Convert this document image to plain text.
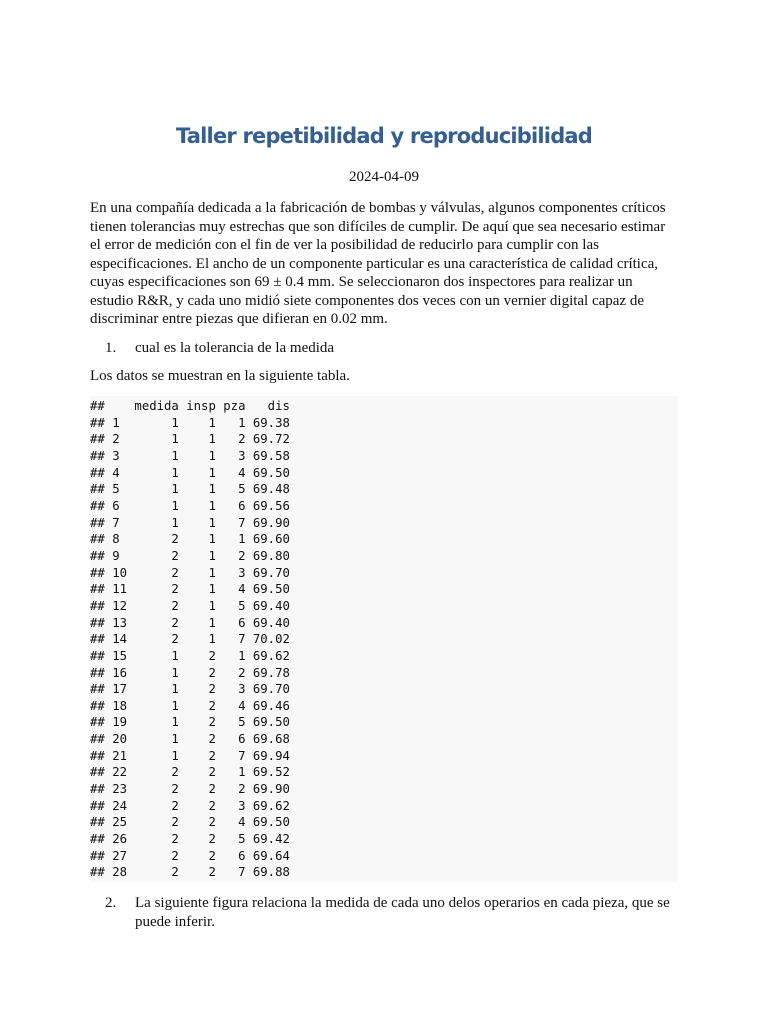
Taller repetibilidad y reproducibilidad
2024-04-09

En una compañía dedicada a la fabricación de bombas y válvulas, algunos componentes críticos tienen tolerancias muy estrechas que son difíciles de cumplir. De aquí que sea necesario estimar el error de medición con el fin de ver la posibilidad de reducirlo para cumplir con las especificaciones. El ancho de un componente particular es una característica de calidad crítica, cuyas especificaciones son 69 ± 0.4 mm. Se seleccionaron dos inspectores para realizar un estudio R&R, y cada uno midió siete componentes dos veces con un vernier digital capaz de discriminar entre piezas que difieran en 0.02 mm.

1. cual es la tolerancia de la medida
Los datos se muestran en la siguiente tabla.
##    medida insp pza   dis
## 1       1    1   1 69.38
## 2       1    1   2 69.72
## 3       1    1   3 69.58
## 4       1    1   4 69.50
## 5       1    1   5 69.48
## 6       1    1   6 69.56
## 7       1    1   7 69.90
## 8       2    1   1 69.60
## 9       2    1   2 69.80
## 10      2    1   3 69.70
## 11      2    1   4 69.50
## 12      2    1   5 69.40
## 13      2    1   6 69.40
## 14      2    1   7 70.02
## 15      1    2   1 69.62
## 16      1    2   2 69.78
## 17      1    2   3 69.70
## 18      1    2   4 69.46
## 19      1    2   5 69.50
## 20      1    2   6 69.68
## 21      1    2   7 69.94
## 22      2    2   1 69.52
## 23      2    2   2 69.90
## 24      2    2   3 69.62
## 25      2    2   4 69.50
## 26      2    2   5 69.42
## 27      2    2   6 69.64
## 28      2    2   7 69.88
2. La siguiente figura relaciona la medida de cada uno delos operarios en cada pieza, que se puede inferir.
